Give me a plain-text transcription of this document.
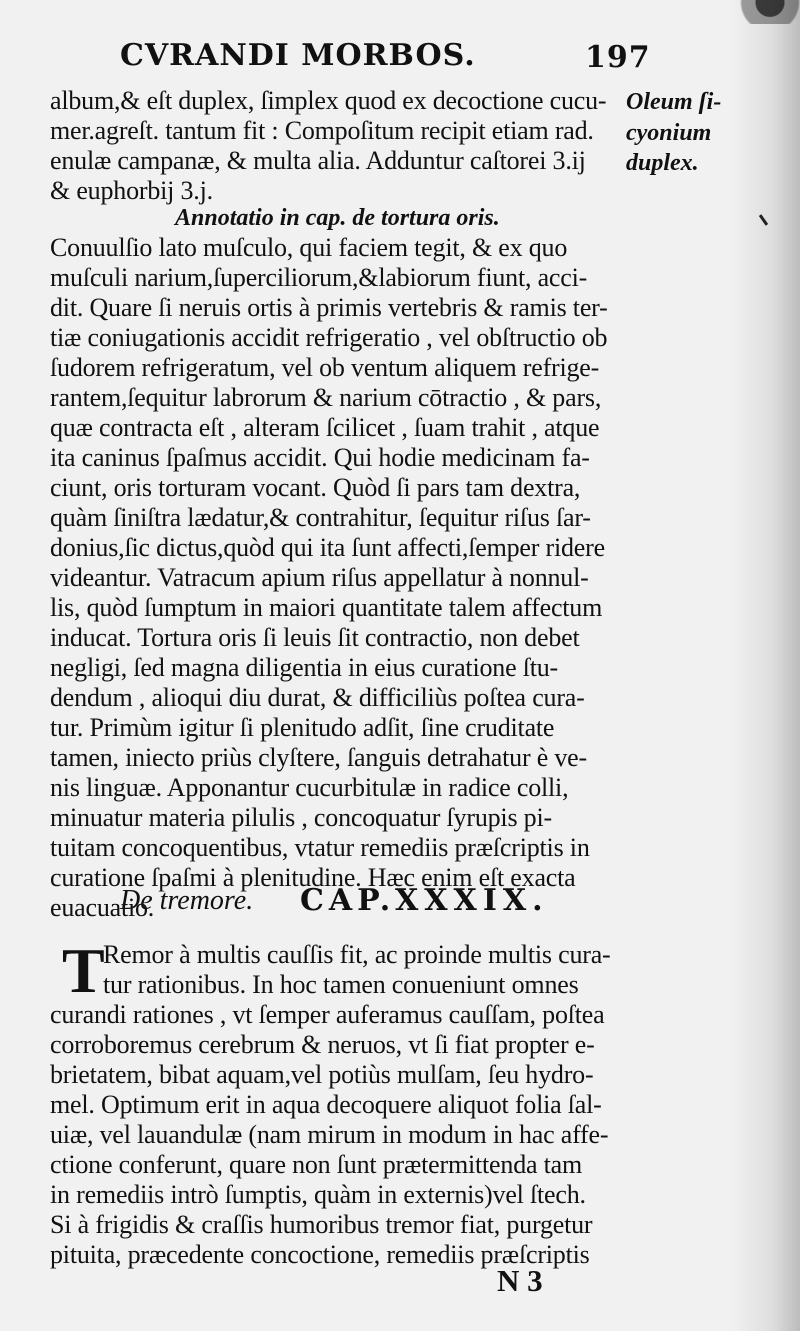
CVRANDI MORBOS.	197
album,& eſt duplex, ſimplex quod ex decoctione cucu-
mer.agreſt. tantum fit : Compoſitum recipit etiam rad.
enulæ campanæ, & multa alia. Adduntur caſtorei 3.ij
& euphorbij 3.j.
Oleum ſi-
cyonium
duplex.
Annotatio in cap. de tortura oris.
Conuulſio lato muſculo, qui faciem tegit, & ex quo
muſculi narium,ſuperciliorum,&labiorum fiunt, acci-
dit. Quare ſi neruis ortis à primis vertebris & ramis ter-
tiæ coniugationis accidit refrigeratio , vel obſtructio ob
ſudorem refrigeratum, vel ob ventum aliquem refrige-
rantem,ſequitur labrorum & narium cōtractio , & pars,
quæ contracta eſt , alteram ſcilicet , ſuam trahit , atque
ita caninus ſpaſmus accidit. Qui hodie medicinam fa-
ciunt, oris torturam vocant. Quòd ſi pars tam dextra,
quàm ſiniſtra lædatur,& contrahitur, ſequitur riſus ſar-
donius,ſic dictus,quòd qui ita ſunt affecti,ſemper ridere
videantur. Vatracum apium riſus appellatur à nonnul-
lis, quòd ſumptum in maiori quantitate talem affectum
inducat. Tortura oris ſi leuis ſit contractio, non debet
negligi, ſed magna diligentia in eius curatione ſtu-
dendum , alioqui diu durat, & difficiliùs poſtea cura-
tur. Primùm igitur ſi plenitudo adſit, ſine cruditate
tamen, iniecto priùs clyſtere, ſanguis detrahatur è ve-
nis linguæ. Apponantur cucurbitulæ in radice colli,
minuatur materia pilulis , concoquatur ſyrupis pi-
tuitam concoquentibus, vtatur remediis præſcriptis in
curatione ſpaſmi à plenitudine. Hæc enim eſt exacta
euacuatio.
De tremore. CAP. XXXIX.
T
Remor à multis cauſſis fit, ac proinde multis cura-
tur rationibus. In hoc tamen conueniunt omnes
curandi rationes , vt ſemper auferamus cauſſam, poſtea
corroboremus cerebrum & neruos, vt ſi fiat propter e-
brietatem, bibat aquam,vel potiùs mulſam, ſeu hydro-
mel. Optimum erit in aqua decoquere aliquot folia ſal-
uiæ, vel lauandulæ (nam mirum in modum in hac affe-
ctione conferunt, quare non ſunt prætermittenda tam
in remediis intrò ſumptis, quàm in externis)vel ſtech.
Si à frigidis & craſſis humoribus tremor fiat, purgetur
pituita, præcedente concoctione, remediis præſcriptis
N 3
